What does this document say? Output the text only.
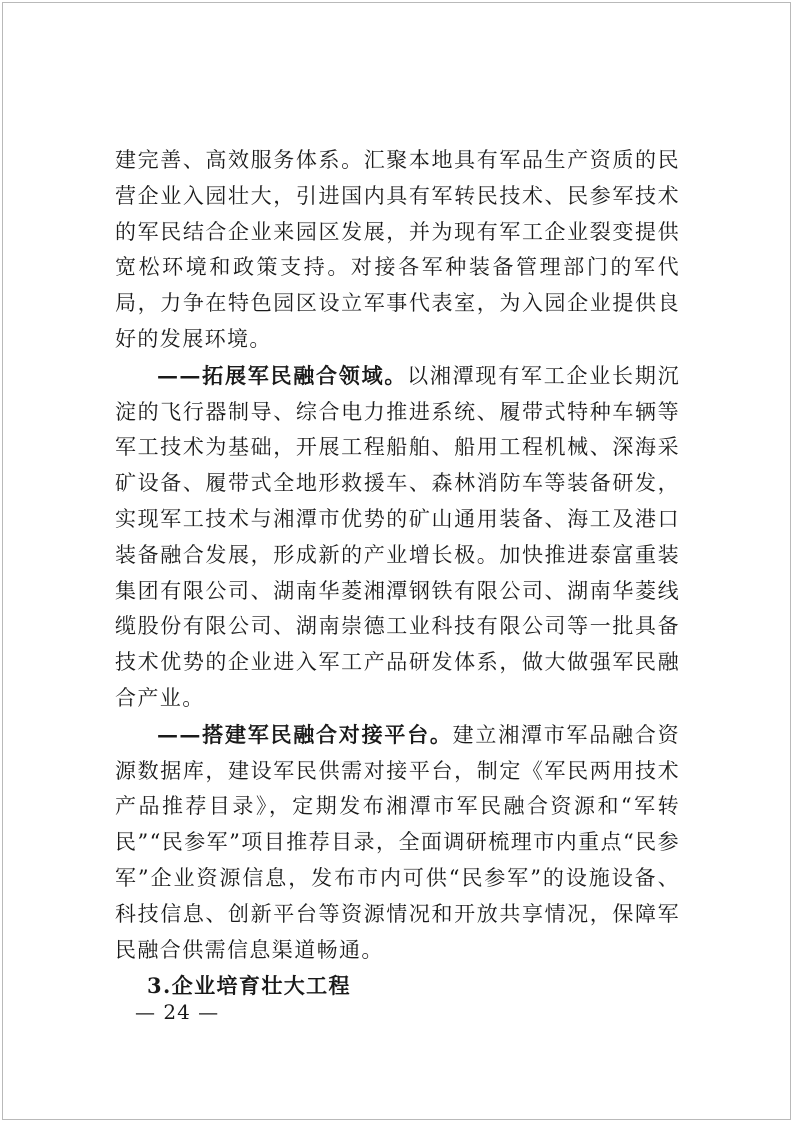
建完善、高效服务体系。汇聚本地具有军品生产资质的民营企业入园壮大，引进国内具有军转民技术、民参军技术的军民结合企业来园区发展，并为现有军工企业裂变提供宽松环境和政策支持。对接各军种装备管理部门的军代局，力争在特色园区设立军事代表室，为入园企业提供良好的发展环境。

——拓展军民融合领域。以湘潭现有军工企业长期沉淀的飞行器制导、综合电力推进系统、履带式特种车辆等军工技术为基础，开展工程船舶、船用工程机械、深海采矿设备、履带式全地形救援车、森林消防车等装备研发，实现军工技术与湘潭市优势的矿山通用装备、海工及港口装备融合发展，形成新的产业增长极。加快推进泰富重装集团有限公司、湖南华菱湘潭钢铁有限公司、湖南华菱线缆股份有限公司、湖南崇德工业科技有限公司等一批具备技术优势的企业进入军工产品研发体系，做大做强军民融合产业。

——搭建军民融合对接平台。建立湘潭市军品融合资源数据库，建设军民供需对接平台，制定《军民两用技术产品推荐目录》，定期发布湘潭市军民融合资源和“军转民”“民参军”项目推荐目录，全面调研梳理市内重点“民参军”企业资源信息，发布市内可供“民参军”的设施设备、科技信息、创新平台等资源情况和开放共享情况，保障军民融合供需信息渠道畅通。

3.企业培育壮大工程

— 24 —
